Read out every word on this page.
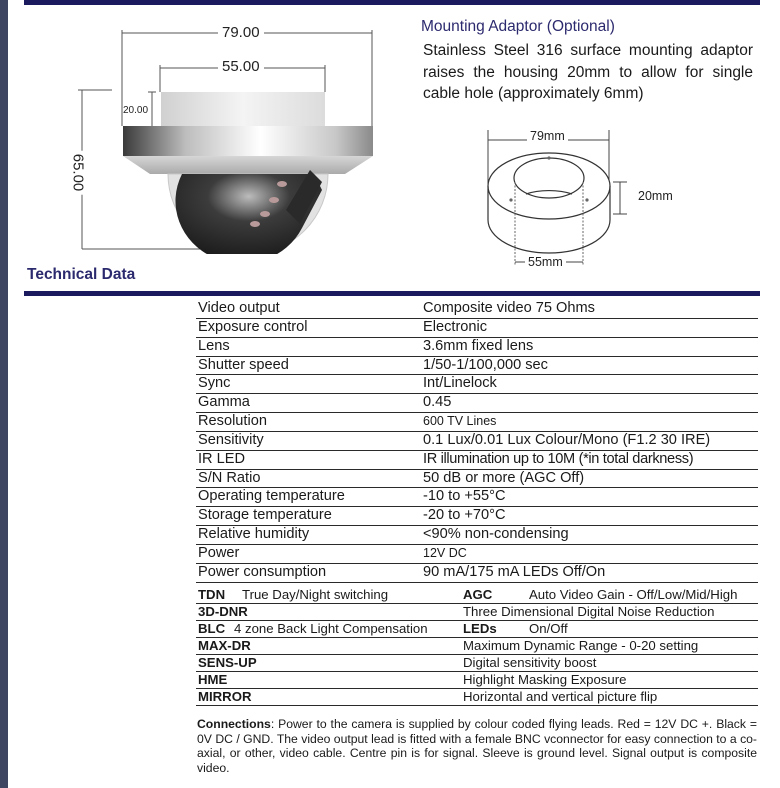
79.00
55.00
20.00
65.00
Mounting Adaptor (Optional)
Stainless Steel 316 surface mounting adaptor raises the housing 20mm to allow for single cable hole (approximately 6mm)
79mm
20mm
55mm
Technical Data
Video output	Composite video 75 Ohms
Exposure control	Electronic
Lens	3.6mm fixed lens
Shutter speed	1/50-1/100,000 sec
Sync	Int/Linelock
Gamma	0.45
Resolution	600 TV Lines
Sensitivity	0.1 Lux/0.01 Lux Colour/Mono (F1.2 30 IRE)
IR LED	IR illumination up to 10M (*in total darkness)
S/N Ratio	50 dB or more (AGC Off)
Operating temperature	-10 to +55°C
Storage temperature	-20 to +70°C
Relative humidity	<90% non-condensing
Power	12V DC
Power consumption	90 mA/175 mA LEDs Off/On
TDN True Day/Night switching	AGC	Auto Video Gain - Off/Low/Mid/High
3D-DNR	Three Dimensional Digital Noise Reduction
BLC 4 zone Back Light Compensation	LEDs On/Off
MAX-DR	Maximum Dynamic Range - 0-20 setting
SENS-UP	Digital sensitivity boost
HME	Highlight Masking Exposure
MIRROR	Horizontal and vertical picture flip
Connections: Power to the camera is supplied by colour coded flying leads. Red = 12V DC +. Black = 0V DC / GND. The video output lead is fitted with a female BNC vconnector for easy connection to a co-axial, or other, video cable. Centre pin is for signal. Sleeve is ground level. Signal output is composite video.
